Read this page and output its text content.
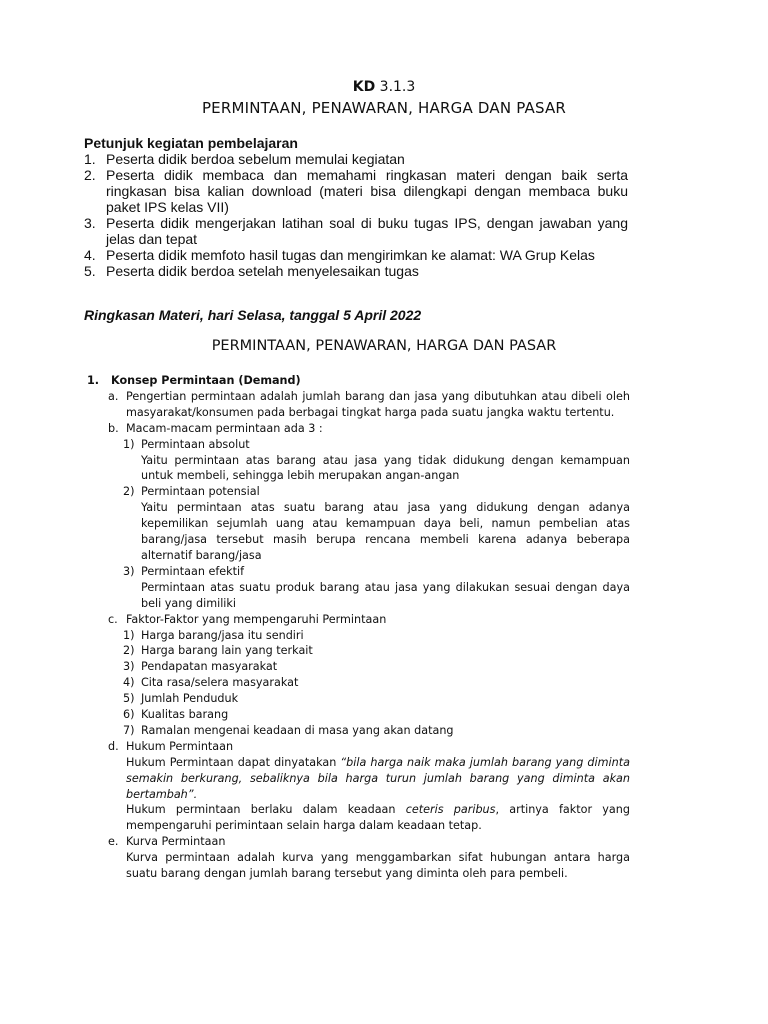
KD 3.1.3
PERMINTAAN, PENAWARAN, HARGA DAN PASAR
Petunjuk kegiatan pembelajaran
1. Peserta didik berdoa sebelum memulai kegiatan
2. Peserta didik membaca dan memahami ringkasan materi dengan baik serta ringkasan bisa kalian download (materi bisa dilengkapi dengan membaca buku paket IPS kelas VII)
3. Peserta didik mengerjakan latihan soal di buku tugas IPS, dengan jawaban yang jelas dan tepat
4. Peserta didik memfoto hasil tugas dan mengirimkan ke alamat: WA Grup Kelas
5. Peserta didik berdoa setelah menyelesaikan tugas
Ringkasan Materi, hari Selasa, tanggal 5 April 2022
PERMINTAAN, PENAWARAN, HARGA DAN PASAR
1. Konsep Permintaan (Demand)
a. Pengertian permintaan adalah jumlah barang dan jasa yang dibutuhkan atau dibeli oleh masyarakat/konsumen pada berbagai tingkat harga pada suatu jangka waktu tertentu.
b. Macam-macam permintaan ada 3 :
1) Permintaan absolut
Yaitu permintaan atas barang atau jasa yang tidak didukung dengan kemampuan untuk membeli, sehingga lebih merupakan angan-angan
2) Permintaan potensial
Yaitu permintaan atas suatu barang atau jasa yang didukung dengan adanya kepemilikan sejumlah uang atau kemampuan daya beli, namun pembelian atas barang/jasa tersebut masih berupa rencana membeli karena adanya beberapa alternatif barang/jasa
3) Permintaan efektif
Permintaan atas suatu produk barang atau jasa yang dilakukan sesuai dengan daya beli yang dimiliki
c. Faktor-Faktor yang mempengaruhi Permintaan
1) Harga barang/jasa itu sendiri
2) Harga barang lain yang terkait
3) Pendapatan masyarakat
4) Cita rasa/selera masyarakat
5) Jumlah Penduduk
6) Kualitas barang
7) Ramalan mengenai keadaan di masa yang akan datang
d. Hukum Permintaan
Hukum Permintaan dapat dinyatakan “bila harga naik maka jumlah barang yang diminta semakin berkurang, sebaliknya bila harga turun jumlah barang yang diminta akan bertambah”.
Hukum permintaan berlaku dalam keadaan ceteris paribus, artinya faktor yang mempengaruhi perimintaan selain harga dalam keadaan tetap.
e. Kurva Permintaan
Kurva permintaan adalah kurva yang menggambarkan sifat hubungan antara harga suatu barang dengan jumlah barang tersebut yang diminta oleh para pembeli.
